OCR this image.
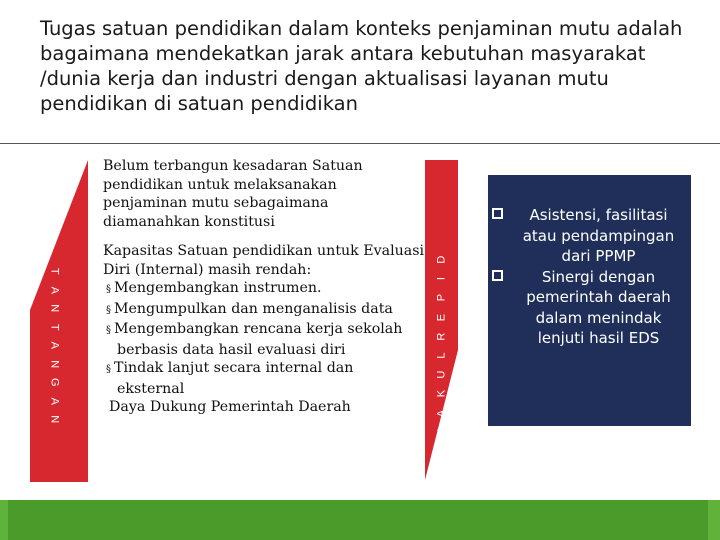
Tugas satuan pendidikan dalam konteks penjaminan mutu adalah bagaimana mendekatkan jarak antara kebutuhan masyarakat /dunia kerja dan industri dengan aktualisasi layanan mutu pendidikan di satuan pendidikan
T
A
N
T
A
N
G
A
N
D
I
P
E
R
L
U
K
A
N

Belum terbangun kesadaran Satuan pendidikan untuk melaksanakan penjaminan mutu sebagaimana diamanahkan konstitusi

Kapasitas Satuan pendidikan untuk Evaluasi Diri (Internal) masih rendah:

§ Mengembangkan instrumen.

§ Mengumpulkan dan menganalisis data

§ Mengembangkan rencana kerja sekolah berbasis data hasil evaluasi diri

§ Tindak lanjut secara internal dan eksternal

Daya Dukung Pemerintah Daerah

Asistensi, fasilitasi atau pendampingan dari PPMP
Sinergi dengan pemerintah daerah dalam menindak lenjuti hasil EDS
